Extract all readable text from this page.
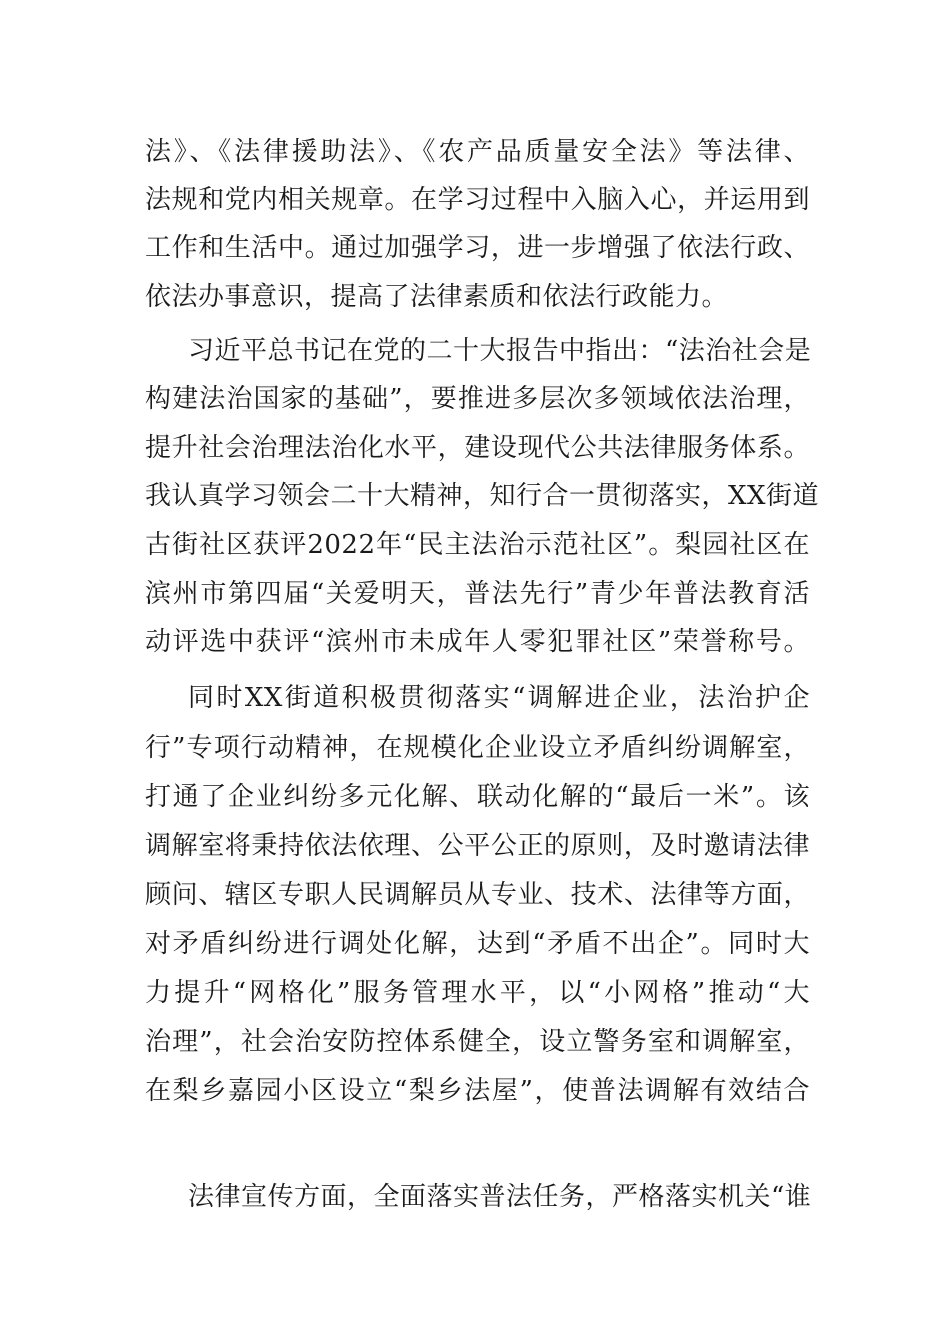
法》、《法律援助法》、《农产品质量安全法》等法律、
法规和党内相关规章。在学习过程中入脑入心，并运用到
工作和生活中。通过加强学习，进一步增强了依法行政、
依法办事意识，提高了法律素质和依法行政能力。
习近平总书记在党的二十大报告中指出：“法治社会是
构建法治国家的基础”，要推进多层次多领域依法治理，
提升社会治理法治化水平，建设现代公共法律服务体系。
我认真学习领会二十大精神，知行合一贯彻落实，XX街道
古街社区获评2022年“民主法治示范社区”。梨园社区在
滨州市第四届“关爱明天，普法先行”青少年普法教育活
动评选中获评“滨州市未成年人零犯罪社区”荣誉称号。
同时XX街道积极贯彻落实“调解进企业，法治护企
行”专项行动精神，在规模化企业设立矛盾纠纷调解室，
打通了企业纠纷多元化解、联动化解的“最后一米”。该
调解室将秉持依法依理、公平公正的原则，及时邀请法律
顾问、辖区专职人民调解员从专业、技术、法律等方面，
对矛盾纠纷进行调处化解，达到“矛盾不出企”。同时大
力提升“网格化”服务管理水平，以“小网格”推动“大
治理”，社会治安防控体系健全，设立警务室和调解室，
在梨乡嘉园小区设立“梨乡法屋”，使普法调解有效结合
法律宣传方面，全面落实普法任务，严格落实机关“谁
